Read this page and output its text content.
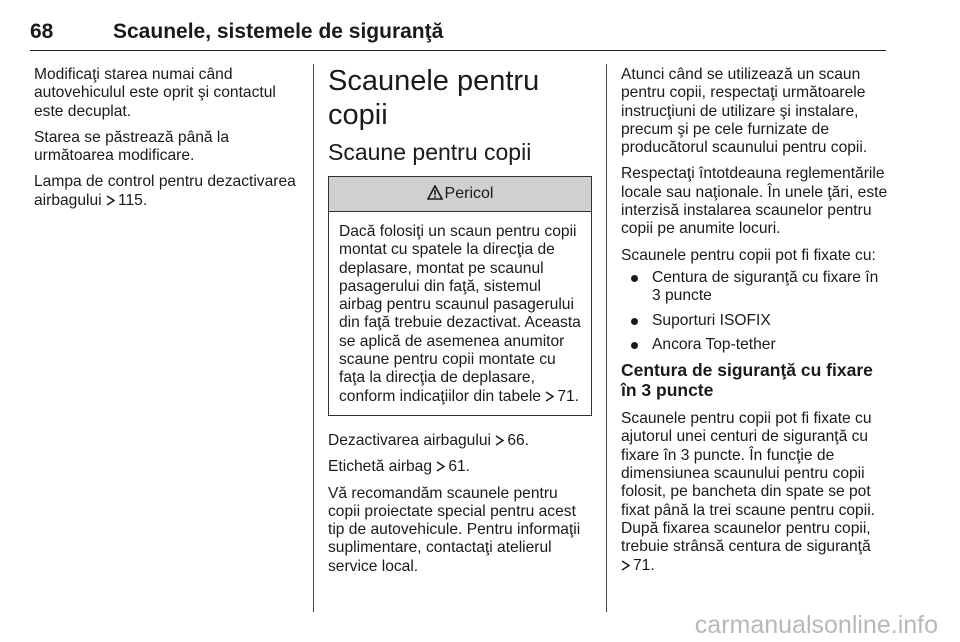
68	Scaunele, sistemele de siguranţă

Modificaţi starea numai când autovehiculul este oprit şi contactul este decuplat.

Starea se păstrează până la următoarea modificare.

Lampa de control pentru dezactivarea airbagului 115.

Scaunele pentru copii
Scaune pentru copii
Pericol
Dacă folosiţi un scaun pentru copii montat cu spatele la direcţia de deplasare, montat pe scaunul pasagerului din faţă, sistemul airbag pentru scaunul pasagerului din faţă trebuie dezactivat. Aceasta se aplică de asemenea anumitor scaune pentru copii montate cu faţa la direcţia de deplasare, conform indicaţiilor din tabele 71.

Dezactivarea airbagului 66.

Etichetă airbag 61.

Vă recomandăm scaunele pentru copii proiectate special pentru acest tip de autovehicule. Pentru informaţii suplimentare, contactaţi atelierul service local.

Atunci când se utilizează un scaun pentru copii, respectaţi următoarele instrucţiuni de utilizare şi instalare, precum şi pe cele furnizate de producătorul scaunului pentru copii.

Respectaţi întotdeauna reglementările locale sau naţionale. În unele ţări, este interzisă instalarea scaunelor pentru copii pe anumite locuri.

Scaunele pentru copii pot fi fixate cu:

Centura de siguranţă cu fixare în 3 puncte
Suporturi ISOFIX
Ancora Top-tether
Centura de siguranţă cu fixare în 3 puncte

Scaunele pentru copii pot fi fixate cu ajutorul unei centuri de siguranţă cu fixare în 3 puncte. În funcţie de dimensiunea scaunului pentru copii folosit, pe bancheta din spate se pot fixat până la trei scaune pentru copii. După fixarea scaunelor pentru copii, trebuie strânsă centura de siguranţă
71.

carmanualsonline.info
